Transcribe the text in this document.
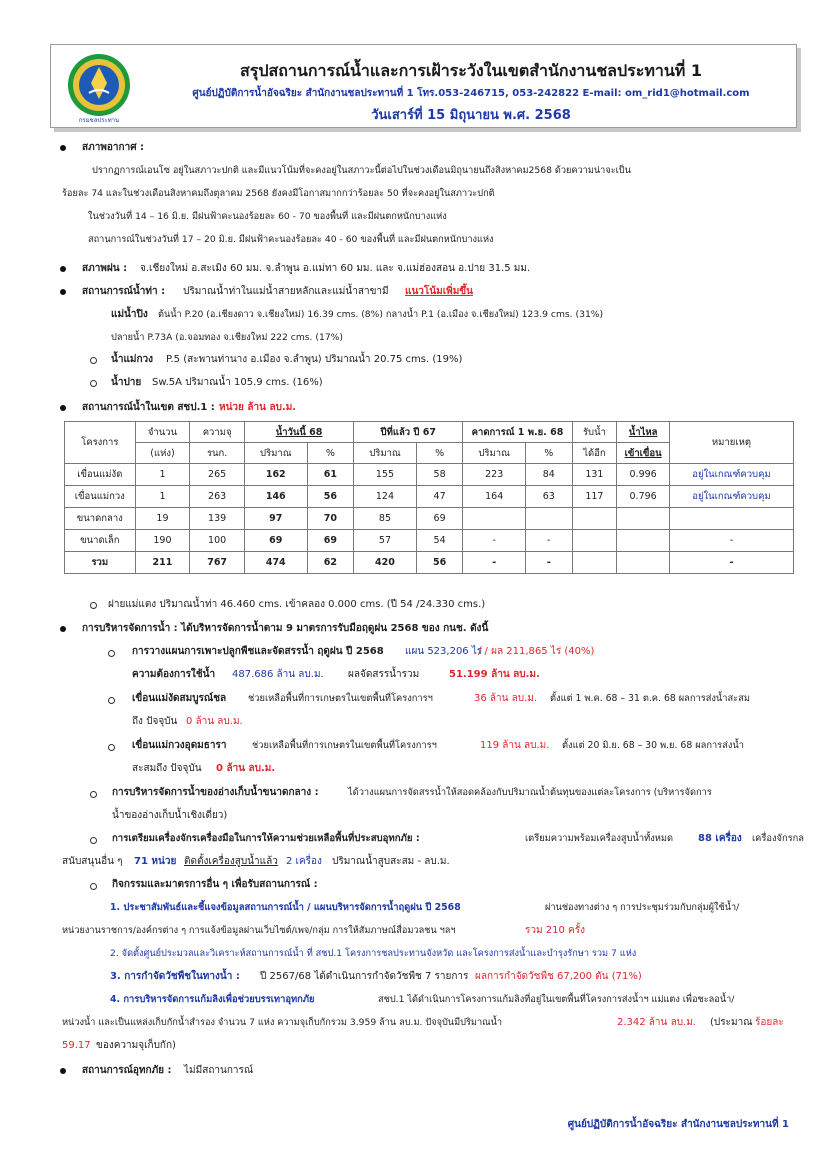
กรมชลประทาน
สรุปสถานการณ์น้ำและการเฝ้าระวังในเขตสำนักงานชลประทานที่ 1
ศูนย์ปฏิบัติการน้ำอัจฉริยะ สำนักงานชลประทานที่ 1 โทร.053-246715, 053-242822 E-mail: om_rid1@hotmail.com
วันเสาร์ที่ 15 มิถุนายน พ.ศ. 2568
สภาพอากาศ :
ปรากฏการณ์เอนโซ อยู่ในสภาวะปกติ และมีแนวโน้มที่จะคงอยู่ในสภาวะนี้ต่อไปในช่วงเดือนมิถุนายนถึงสิงหาคม2568 ด้วยความน่าจะเป็น
ร้อยละ 74 และในช่วงเดือนสิงหาคมถึงตุลาคม 2568 ยังคงมีโอกาสมากกว่าร้อยละ 50 ที่จะคงอยู่ในสภาวะปกติ
ในช่วงวันที่ 14 – 16 มิ.ย. มีฝนฟ้าคะนองร้อยละ 60 - 70 ของพื้นที่ และมีฝนตกหนักบางแห่ง
สถานการณ์ในช่วงวันที่ 17 – 20 มิ.ย. มีฝนฟ้าคะนองร้อยละ 40 - 60 ของพื้นที่ และมีฝนตกหนักบางแห่ง
สภาพฝน : จ.เชียงใหม่ อ.สะเมิง 60 มม. จ.ลำพูน อ.แม่ทา 60 มม. และ จ.แม่ฮ่องสอน อ.ปาย 31.5 มม.
สถานการณ์น้ำท่า : ปริมาณน้ำท่าในแม่น้ำสายหลักและแม่น้ำสาขามี แนวโน้มเพิ่มขึ้น
แม่น้ำปิง ต้นน้ำ P.20 (อ.เชียงดาว จ.เชียงใหม่) 16.39 cms. (8%) กลางน้ำ P.1 (อ.เมือง จ.เชียงใหม่) 123.9 cms. (31%)
ปลายน้ำ P.73A (อ.จอมทอง จ.เชียงใหม่ 222 cms. (17%)
น้ำแม่กวง P.5 (สะพานท่านาง อ.เมือง จ.ลำพูน) ปริมาณน้ำ 20.75 cms. (19%)
น้ำปาย Sw.5A ปริมาณน้ำ 105.9 cms. (16%)
สถานการณ์น้ำในเขต สชป.1 : หน่วย ล้าน ลบ.ม.
โครงการ	จำนวน	ความจุ	น้ำวันนี้ 68		ปีที่แล้ว ปี 67		คาดการณ์ 1 พ.ย. 68		รับน้ำ	น้ำไหล	หมายเหตุ
	(แห่ง)	รนก.	ปริมาณ	%	ปริมาณ	%	ปริมาณ	%	ได้อีก	เข้าเขื่อน	
เขื่อนแม่งัด	1	265	162	61	155	58	223	84	131	0.996	อยู่ในเกณฑ์ควบคุม
เขื่อนแม่กวง	1	263	146	56	124	47	164	63	117	0.796	อยู่ในเกณฑ์ควบคุม
ขนาดกลาง	19	139	97	70	85	69					
ขนาดเล็ก	190	100	69	69	57	54	-	-			-
รวม	211	767	474	62	420	56	-	-			-
ฝายแม่แตง ปริมาณน้ำท่า 46.460 cms. เข้าคลอง 0.000 cms. (ปี 54 /24.330 cms.)
การบริหารจัดการน้ำ : ได้บริหารจัดการน้ำตาม 9 มาตรการรับมือฤดูฝน 2568 ของ กนช. ดังนี้
การวางแผนการเพาะปลูกพืชและจัดสรรน้ำ ฤดูฝน ปี 2568 แผน 523,206 ไร่
/ / ผล 211,865 ไร่ (40%)
ความต้องการใช้น้ำ 487.686 ล้าน ลบ.ม. ผลจัดสรรน้ำรวม	51.199 ล้าน ลบ.ม.
เขื่อนแม่งัดสมบูรณ์ชล ช่วยเหลือพื้นที่การเกษตรในเขตพื้นที่โครงการฯ	36 ล้าน ลบ.ม. ตั้งแต่ 1 พ.ค. 68 – 31 ต.ค. 68 ผลการส่งน้ำสะสม
ถึง ปัจจุบัน 0 ล้าน ลบ.ม.
เขื่อนแม่กวงอุดมธารา	ช่วยเหลือพื้นที่การเกษตรในเขตพื้นที่โครงการฯ	119 ล้าน ลบ.ม. ตั้งแต่ 20 มิ.ย. 68 – 30 พ.ย. 68 ผลการส่งน้ำ
สะสมถึง ปัจจุบัน 0 ล้าน ลบ.ม.
การบริหารจัดการน้ำของอ่างเก็บน้ำขนาดกลาง :	ได้วางแผนการจัดสรรน้ำให้สอดคล้องกับปริมาณน้ำต้นทุนของแต่ละโครงการ (บริหารจัดการ
น้ำของอ่างเก็บน้ำเชิงเดี่ยว)
การเตรียมเครื่องจักรเครื่องมือในการให้ความช่วยเหลือพื้นที่ประสบอุทกภัย :	เตรียมความพร้อมเครื่องสูบน้ำทั้งหมด 88 เครื่อง เครื่องจักรกล
สนับสนุนอื่น ๆ 71 หน่วย ติดตั้งเครื่องสูบน้ำแล้ว 2 เครื่อง ปริมาณน้ำสูบสะสม - ลบ.ม.
กิจกรรมและมาตรการอื่น ๆ เพื่อรับสถานการณ์ :
1. ประชาสัมพันธ์และชี้แจงข้อมูลสถานการณ์น้ำ / แผนบริหารจัดการน้ำฤดูฝน ปี 2568	ผ่านช่องทางต่าง ๆ การประชุมร่วมกับกลุ่มผู้ใช้น้ำ/
หน่วยงานราชการ/องค์กรต่าง ๆ การแจ้งข้อมูลผ่านเว็บไซต์/เพจ/กลุ่ม การให้สัมภาษณ์สื่อมวลชน ฯลฯ	รวม 210 ครั้ง
2. จัดตั้งศูนย์ประมวลและวิเคราะห์สถานการณ์น้ำ ที่ สชป.1 โครงการชลประทานจังหวัด และโครงการส่งน้ำและบำรุงรักษา รวม 7 แห่ง
3. การกำจัดวัชพืชในทางน้ำ : ปี 2567/68 ได้ดำเนินการกำจัดวัชพืช 7 รายการ ผลการกำจัดวัชพืช 67,200 ตัน (71%)
4. การบริหารจัดการแก้มลิงเพื่อช่วยบรรเทาอุทกภัย	สชป.1 ได้ดำเนินการโครงการแก้มลิงที่อยู่ในเขตพื้นที่โครงการส่งน้ำฯ แม่แตง เพื่อชะลอน้ำ/
หน่วงน้ำ และเป็นแหล่งเก็บกักน้ำสำรอง จำนวน 7 แห่ง ความจุเก็บกักรวม 3.959 ล้าน ลบ.ม. ปัจจุบันมีปริมาณน้ำ	2.342 ล้าน ลบ.ม. (ประมาณ ร้อยละ
59.17 ของความจุเก็บกัก)
สถานการณ์อุทกภัย : ไม่มีสถานการณ์
ศูนย์ปฏิบัติการน้ำอัจฉริยะ สำนักงานชลประทานที่ 1
